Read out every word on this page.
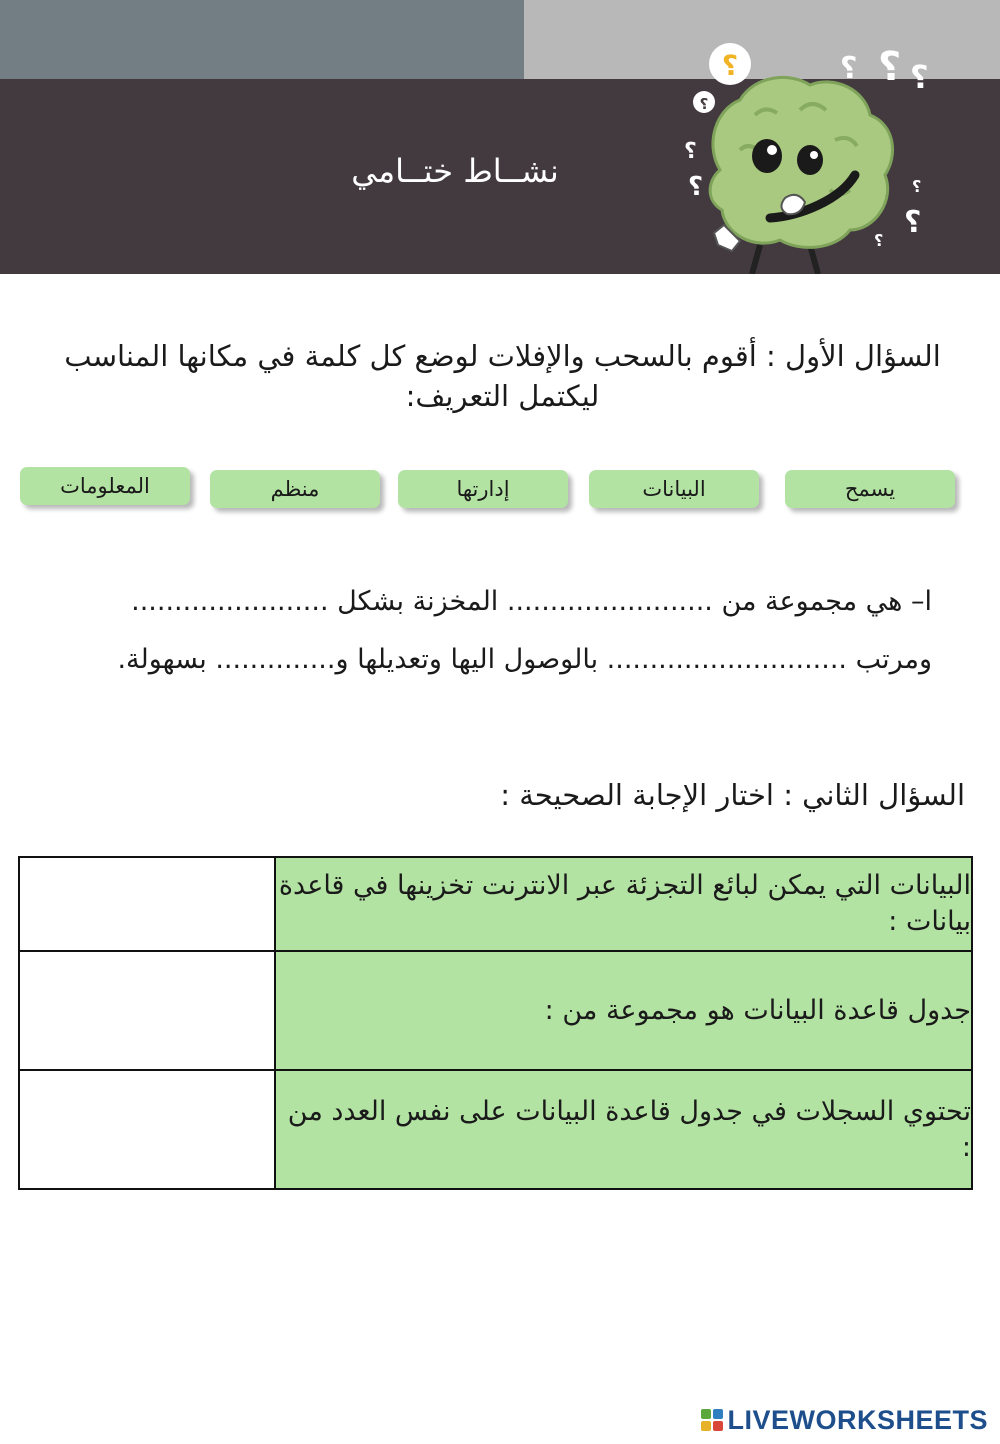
نشــاط ختــامي
؟
؟
؟ ؟ ؟
؟
؟	؟
؟
؟
السؤال الأول : أقوم بالسحب والإفلات لوضع كل كلمة في مكانها المناسب ليكتمل التعريف:
يسمح
البيانات
إدارتها
منظم
المعلومات
ا– هي مجموعة من ........................ المخزنة بشكل .......................
ومرتب ............................ بالوصول اليها وتعديلها و.............. بسهولة.
السؤال الثاني : اختار الإجابة الصحيحة :
	البيانات التي يمكن لبائع التجزئة عبر الانترنت تخزينها في قاعدة بيانات :
	جدول قاعدة البيانات هو مجموعة من :
	تحتوي السجلات في جدول قاعدة البيانات على نفس العدد من :
LIVEWORKSHEETS
